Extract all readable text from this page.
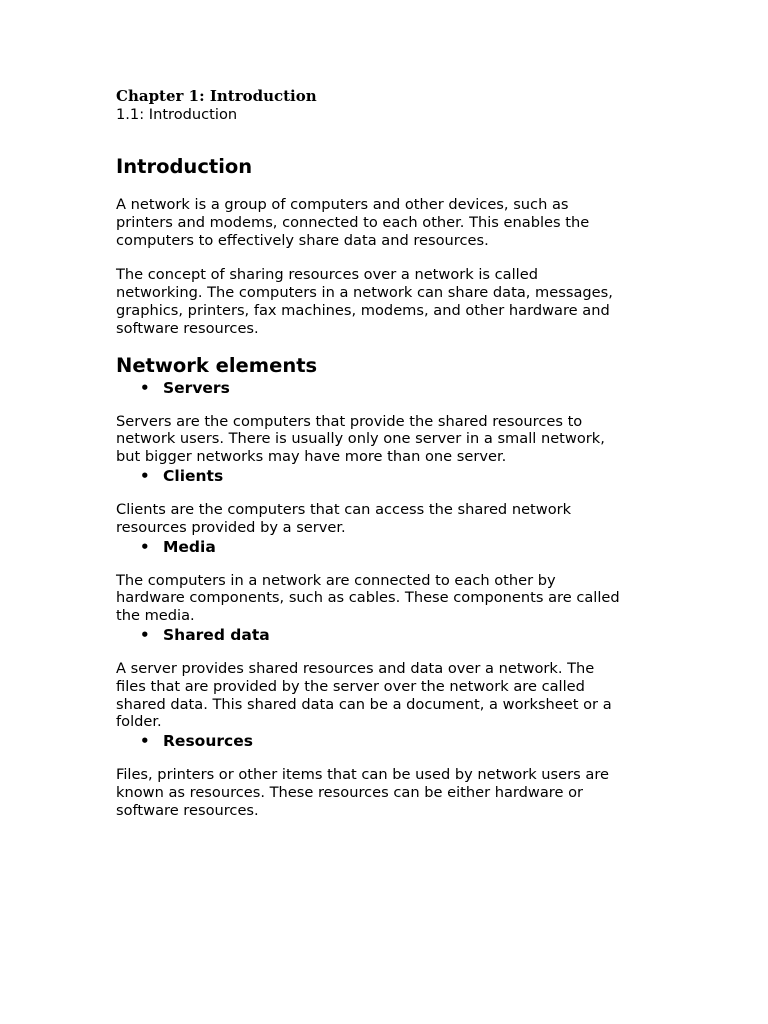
Chapter 1: Introduction

1.1: Introduction

Introduction

A network is a group of computers and other devices, such as
printers and modems, connected to each other. This enables the
computers to effectively share data and resources.

The concept of sharing resources over a network is called
networking. The computers in a network can share data, messages,
graphics, printers, fax machines, modems, and other hardware and
software resources.

Network elements
• Servers

Servers are the computers that provide the shared resources to
network users. There is usually only one server in a small network,
but bigger networks may have more than one server.

• Clients

Clients are the computers that can access the shared network
resources provided by a server.

• Media

The computers in a network are connected to each other by
hardware components, such as cables. These components are called
the media.

• Shared data

A server provides shared resources and data over a network. The
files that are provided by the server over the network are called
shared data. This shared data can be a document, a worksheet or a
folder.

• Resources

Files, printers or other items that can be used by network users are
known as resources. These resources can be either hardware or
software resources.
